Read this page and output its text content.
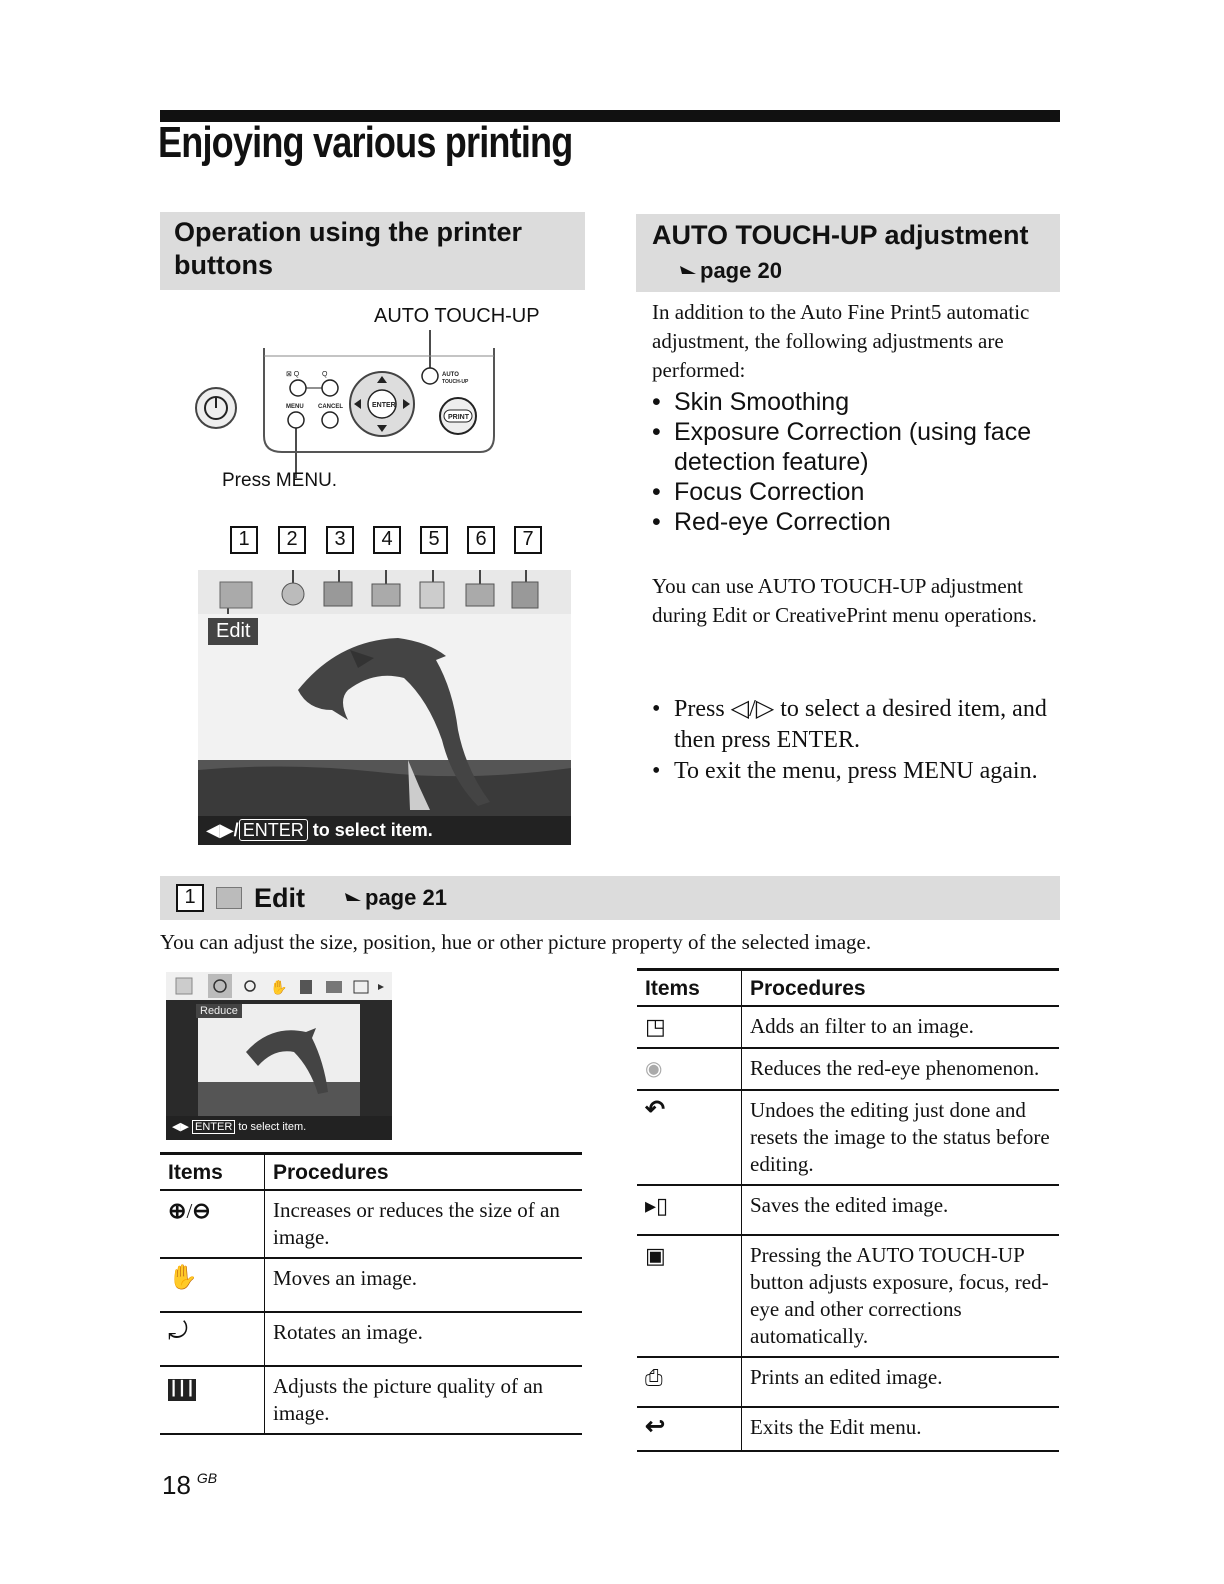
Enjoying various printing
Operation using the printer buttons
AUTO TOUCH-UP
Press MENU.
⊠ Q	Q
MENU CANCEL	ENTER
AUTO
TOUCH-UP
PRINT
1	2	3	4	5	6	7
Edit
◀▶/ ENTER to select item.
AUTO TOUCH-UP adjustment
page 20
In addition to the Auto Fine Print5 automatic adjustment, the following adjustments are performed:
• Skin Smoothing
• Exposure Correction (using face detection feature)
• Focus Correction
• Red-eye Correction
You can use AUTO TOUCH-UP adjustment during Edit or CreativePrint menu operations.
• Press ◁/▷ to select a desired item, and then press ENTER.
• To exit the menu, press MENU again.
1	Edit	page 21
You can adjust the size, position, hue or other picture property of the selected image.
✋
Reduce
◀▶ ENTER to select item.
Items	Procedures
⊕/⊖	Increases or reduces the size of an image.
✋	Moves an image.
⤾	Rotates an image.
┃┃┃	Adjusts the picture quality of an image.
Items	Procedures
◳	Adds an filter to an image.
◉	Reduces the red-eye phenomenon.
↶	Undoes the editing just done and resets the image to the status before editing.
▸▯	Saves the edited image.
▣	Pressing the AUTO TOUCH-UP button adjusts exposure, focus, red-eye and other corrections automatically.
⎙	Prints an edited image.
↩	Exits the Edit menu.
18 $^{GB}$
